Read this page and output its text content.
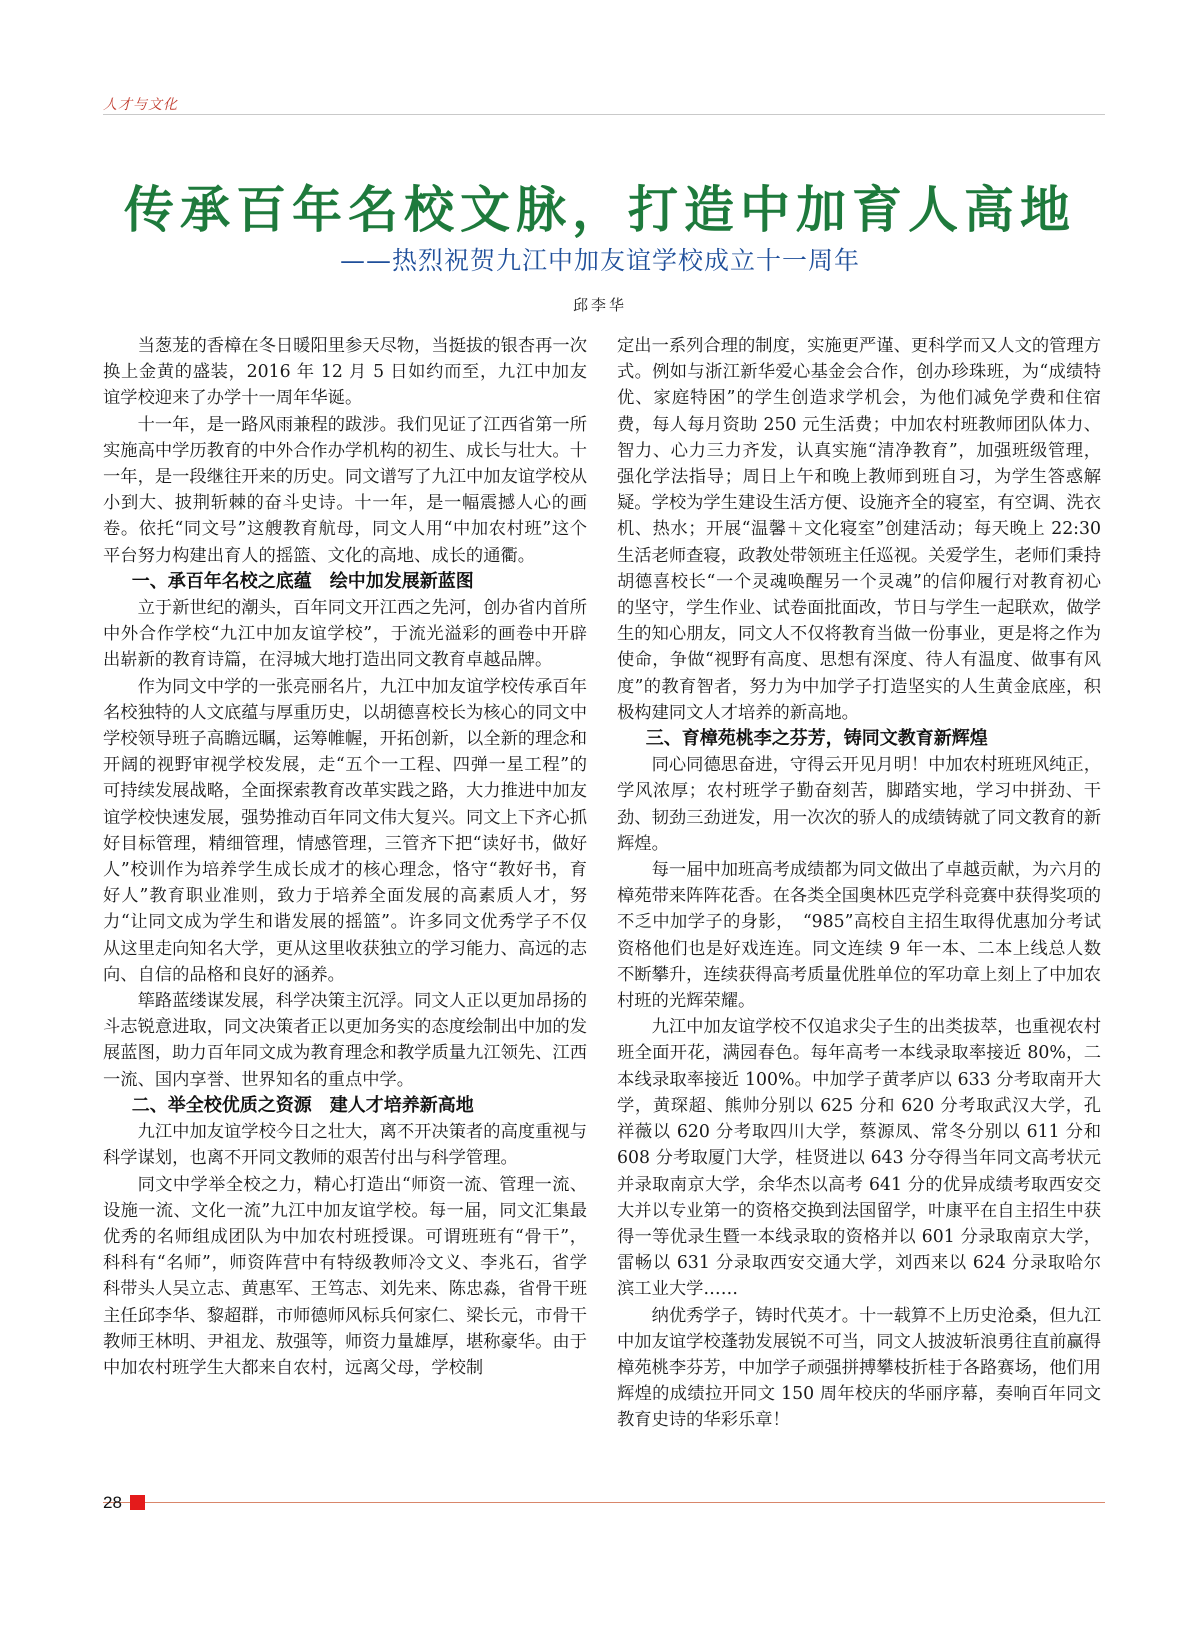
人才与文化
传承百年名校文脉，打造中加育人高地
——热烈祝贺九江中加友谊学校成立十一周年
邱李华

当葱茏的香樟在冬日暖阳里参天尽物，当挺拔的银杏再一次换上金黄的盛装，2016 年 12 月 5 日如约而至，九江中加友谊学校迎来了办学十一周年华诞。

十一年，是一路风雨兼程的跋涉。我们见证了江西省第一所实施高中学历教育的中外合作办学机构的初生、成长与壮大。十一年，是一段继往开来的历史。同文谱写了九江中加友谊学校从小到大、披荆斩棘的奋斗史诗。十一年，是一幅震撼人心的画卷。依托“同文号”这艘教育航母，同文人用“中加农村班”这个平台努力构建出育人的摇篮、文化的高地、成长的通衢。

一、承百年名校之底蕴　绘中加发展新蓝图

立于新世纪的潮头，百年同文开江西之先河，创办省内首所中外合作学校“九江中加友谊学校”，于流光溢彩的画卷中开辟出崭新的教育诗篇，在浔城大地打造出同文教育卓越品牌。

作为同文中学的一张亮丽名片，九江中加友谊学校传承百年名校独特的人文底蕴与厚重历史，以胡德喜校长为核心的同文中学校领导班子高瞻远瞩，运筹帷幄，开拓创新，以全新的理念和开阔的视野审视学校发展，走“五个一工程、四弹一星工程”的可持续发展战略，全面探索教育改革实践之路，大力推进中加友谊学校快速发展，强势推动百年同文伟大复兴。同文上下齐心抓好目标管理，精细管理，情感管理，三管齐下把“读好书，做好人”校训作为培养学生成长成才的核心理念，恪守“教好书，育好人”教育职业准则，致力于培养全面发展的高素质人才，努力“让同文成为学生和谐发展的摇篮”。许多同文优秀学子不仅从这里走向知名大学，更从这里收获独立的学习能力、高远的志向、自信的品格和良好的涵养。

筚路蓝缕谋发展，科学决策主沉浮。同文人正以更加昂扬的斗志锐意进取，同文决策者正以更加务实的态度绘制出中加的发展蓝图，助力百年同文成为教育理念和教学质量九江领先、江西一流、国内享誉、世界知名的重点中学。

二、举全校优质之资源　建人才培养新高地

九江中加友谊学校今日之壮大，离不开决策者的高度重视与科学谋划，也离不开同文教师的艰苦付出与科学管理。

同文中学举全校之力，精心打造出“师资一流、管理一流、设施一流、文化一流”九江中加友谊学校。每一届，同文汇集最优秀的名师组成团队为中加农村班授课。可谓班班有“骨干”，科科有“名师”，师资阵营中有特级教师冷文义、李兆石，省学科带头人吴立志、黄惠军、王笃志、刘先来、陈忠淼，省骨干班主任邱李华、黎超群，市师德师风标兵何家仁、梁长元，市骨干教师王林明、尹祖龙、敖强等，师资力量雄厚，堪称豪华。由于中加农村班学生大都来自农村，远离父母，学校制

定出一系列合理的制度，实施更严谨、更科学而又人文的管理方式。例如与浙江新华爱心基金会合作，创办珍珠班，为“成绩特优、家庭特困”的学生创造求学机会，为他们减免学费和住宿费，每人每月资助 250 元生活费；中加农村班教师团队体力、智力、心力三力齐发，认真实施“清净教育”，加强班级管理，强化学法指导；周日上午和晚上教师到班自习，为学生答惑解疑。学校为学生建设生活方便、设施齐全的寝室，有空调、洗衣机、热水；开展“温馨＋文化寝室”创建活动；每天晚上 22:30 生活老师查寝，政教处带领班主任巡视。关爱学生，老师们秉持胡德喜校长“一个灵魂唤醒另一个灵魂”的信仰履行对教育初心的坚守，学生作业、试卷面批面改，节日与学生一起联欢，做学生的知心朋友，同文人不仅将教育当做一份事业，更是将之作为使命，争做“视野有高度、思想有深度、待人有温度、做事有风度”的教育智者，努力为中加学子打造坚实的人生黄金底座，积极构建同文人才培养的新高地。

三、育樟苑桃李之芬芳，铸同文教育新辉煌

同心同德思奋进，守得云开见月明！中加农村班班风纯正，学风浓厚；农村班学子勤奋刻苦，脚踏实地，学习中拼劲、干劲、韧劲三劲迸发，用一次次的骄人的成绩铸就了同文教育的新辉煌。

每一届中加班高考成绩都为同文做出了卓越贡献，为六月的樟苑带来阵阵花香。在各类全国奥林匹克学科竞赛中获得奖项的不乏中加学子的身影，　“985”高校自主招生取得优惠加分考试资格他们也是好戏连连。同文连续 9 年一本、二本上线总人数不断攀升，连续获得高考质量优胜单位的军功章上刻上了中加农村班的光辉荣耀。

九江中加友谊学校不仅追求尖子生的出类拔萃，也重视农村班全面开花，满园春色。每年高考一本线录取率接近 80%，二本线录取率接近 100%。中加学子黄孝庐以 633 分考取南开大学，黄琛超、熊帅分别以 625 分和 620 分考取武汉大学，孔祥薇以 620 分考取四川大学，蔡源凤、常冬分别以 611 分和 608 分考取厦门大学，桂贤进以 643 分夺得当年同文高考状元并录取南京大学，余华杰以高考 641 分的优异成绩考取西安交大并以专业第一的资格交换到法国留学，叶康平在自主招生中获得一等优录生暨一本线录取的资格并以 601 分录取南京大学，雷畅以 631 分录取西安交通大学，刘西来以 624 分录取哈尔滨工业大学……

纳优秀学子，铸时代英才。十一载算不上历史沧桑，但九江中加友谊学校蓬勃发展锐不可当，同文人披波斩浪勇往直前赢得樟苑桃李芬芳，中加学子顽强拼搏攀枝折桂于各路赛场，他们用辉煌的成绩拉开同文 150 周年校庆的华丽序幕，奏响百年同文教育史诗的华彩乐章！

28
